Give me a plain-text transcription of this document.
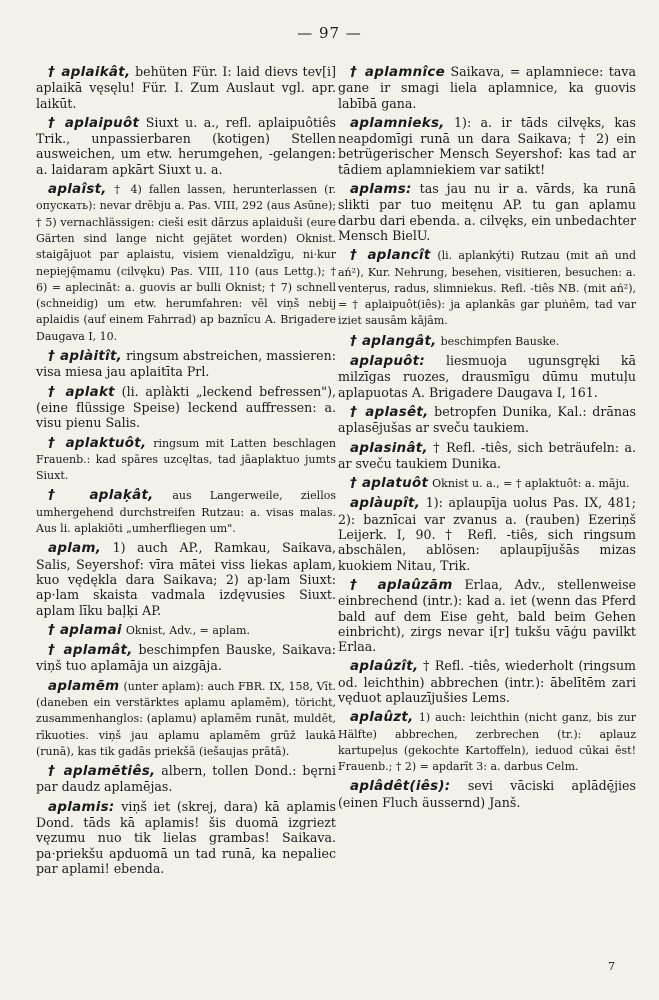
— 97 —

† aplaikât, behüten Für. I: laid dievs tev[i] aplaikā vęsęlu! Für. I. Zum Auslaut vgl. apr. laikūt.

† aplaipuôt Siuxt u. a., refl. aplaipuôtiês Trik., unpassierbaren (kotigen) Stellen ausweichen, um etw. herumgehen, -gelangen: a. laidaram apkārt Siuxt u. a.

aplaîst, † 4) fallen lassen, herunterlassen (r. опускать): nevar drēbju a. Pas. VIII, 292 (aus Asūne); † 5) vernachlässigen: cieši esit dārzus aplaiduši (eure Gärten sind lange nicht gejätet worden) Oknist. staigājuot par aplaistu, visiem vienaldzīgu, ni·kur nepieję̄mamu (cilvęku) Pas. VIII, 110 (aus Lettg.); † 6) = aplecināt: a. guovis ar bulli Oknist; † 7) schnell (schneidig) um etw. herumfahren: vēl viņš nebij aplaidis (auf einem Fahrrad) ap baznīcu A. Brigadere Daugava I, 10.

† aplàitît, ringsum abstreichen, massieren: visa miesa jau aplaitīta Prl.

† aplakt (li. aplàkti „leckend befressen"), (eine flüssige Speise) leckend auffressen: a. visu pienu Salis.

† aplaktuôt, ringsum mit Latten beschlagen Frauenb.: kad spāres uzcęltas, tad jāaplaktuo jumts Siuxt.

† aplaķât, aus Langerweile, ziellos umhergehend durchstreifen Rutzau: a. visas malas. Aus li. aplakiōti „umherfliegen um".

aplam, 1) auch AP., Ramkau, Saikava, Salis, Seyershof: vīra mātei viss liekas aplam, kuo vędękla dara Saikava; 2) ap·lam Siuxt: ap·lam skaista vadmala izdęvusies Siuxt. aplam līku baļķi AP.

† aplamai Oknist, Adv., = aplam.

† aplamât, beschimpfen Bauske, Saikava: viņš tuo aplamāja un aizgāja.

aplamēm (unter aplam): auch FBR. IX, 158, Vīt. (daneben ein verstärktes aplamu aplamēm), töricht, zusammenhanglos: (aplamu) aplamēm runāt, muldēt, rīkuoties. viņš jau aplamu aplamēm grūž laukā (runā), kas tik gadās priekšā (iešaujas prātā).

† aplamētiês, albern, tollen Dond.: bęrni par daudz aplamējas.

aplamis: viņš iet (skrej, dara) kā aplamis Dond. tāds kā aplamis! šis duomā izgriezt vęzumu nuo tik lielas grambas! Saikava. pa·priekšu apduomā un tad runā, ka nepaliec par aplami! ebenda.

† aplamnîce Saikava, = aplamniece: tava gane ir smagi liela aplamnice, ka guovis labībā gana.

aplamnieks, 1): a. ir tāds cilvęks, kas neapdomīgi runā un dara Saikava; † 2) ein betrügerischer Mensch Seyershof: kas tad ar tādiem aplamniekiem var satikt!

aplams: tas jau nu ir a. vārds, ka runā slikti par tuo meitęnu AP. tu gan aplamu darbu dari ebenda. a. cilvęks, ein unbedachter Mensch BielU.

† aplancît (li. aplankýti) Rutzau (mit añ und ań²), Kur. Nehrung, besehen, visitieren, besuchen: a. venteŗus, radus, slimniekus. Refl. -tiês NB. (mit ań²), = † aplaipuôt(iês): ja aplankās gar pluṅēm, tad var iziet sausām kājām.

† aplangât, beschimpfen Bauske.

aplapuôt: liesmuoja ugunsgręki kā milzīgas ruozes, drausmīgu dūmu mutuļu aplapuotas A. Brigadere Daugava I, 161.

† aplasêt, betropfen Dunika, Kal.: drānas aplasējušas ar sveču taukiem.

aplasinât, † Refl. -tiês, sich beträufeln: a. ar sveču taukiem Dunika.

† aplatuôt Oknist u. a., = † aplaktuôt: a. māju.

aplàupît, 1): aplaupīja uolus Pas. IX, 481; 2): baznīcai var zvanus a. (rauben) Ezeriņš Leijerk. I, 90. † Refl. -tiês, sich ringsum abschälen, ablösen: aplaupījušās mizas kuokiem Nitau, Trik.

† aplaûzām Erlaa, Adv., stellenweise einbrechend (intr.): kad a. iet (wenn das Pferd bald auf dem Eise geht, bald beim Gehen einbricht), zirgs nevar i[r] tukšu vāģu pavilkt Erlaa.

aplaûzît, † Refl. -tiês, wiederholt (ringsum od. leichthin) abbrechen (intr.): ābelītēm zari vęduot aplauzījušies Lems.

aplaûzt, 1) auch: leichthin (nicht ganz, bis zur Hälfte) abbrechen, zerbrechen (tr.): aplauz kartupeļus (gekochte Kartoffeln), ieduod cūkai ēst! Frauenb.; † 2) = apdarīt 3: a. darbus Celm.

aplâdêt(iês): sevi vāciski aplādę̄jies (einen Fluch äussernd) Janš.

7
